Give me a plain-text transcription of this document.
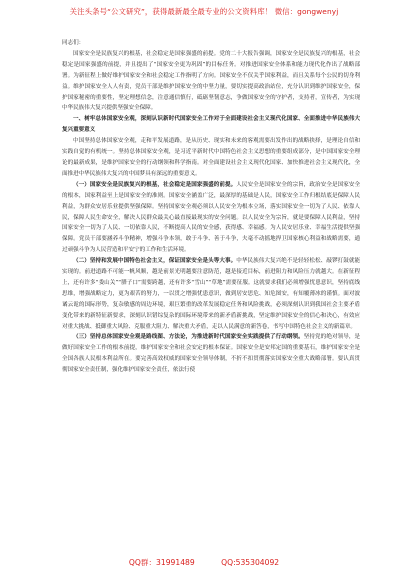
关注头条号“公文研究”，获得最新最全最专业的公文资料库！ 微信：gongwenyj

同志们：

国家安全是民族复兴的根基，社会稳定是国家强盛的前提。党的二十大报告强调，国家安全是民族复兴的根基，社会稳定是国家强盛的前提，并且提出了“国家安全更为巩固”的目标任务。对推进国家安全体系和能力现代化作出了战略部署。为新征程上做好维护国家安全和社会稳定工作指明了方向。国家安全不仅关乎国家利益，而且关系每个公民的切身利益。维护国家安全人人有责，党员干部是维护国家安全的中坚力量，要切实提高政治站位，充分认识到维护国家安全，保护国家秘密的重要性，坚定理想信念，注意通信慎行，砥砺坚韧意志，争做国家安全的守护者，支持者，宣传者，为实现中华民族伟大复兴提供坚强安全保障。

一、树牢总体国家安全观，深刻认识新时代国家安全工作对于全面建设社会主义现代化国家、全面推进中华民族伟大复兴重要意义

中国坚持总体国家安全观，走和平发展道路，是从历史、现实和未来的客观需要出发作出的战略抉择，是理论自信和实践自觉的有机统一。坚持总体国家安全观，是习近平新时代中国特色社会主义思想的重要组成部分，是中国国家安全理论的最新成果，是维护国家安全的行动纲领和科学指南。对全面建设社会主义现代化国家、加快推进社会主义现代化，全面推进中华民族伟大复兴的中国梦具有深远的重要意义。

（一）国家安全是民族复兴的根基，社会稳定是国家强盛的前提。人民安全是国家安全的宗旨，政治安全是国家安全的根本，国家利益至上是国家安全的准则。国家安全涵盖广泛，最深厚的基础是人民，国家安全工作归根结底是保障人民利益，为群众安居乐业提供坚强保障。坚持国家安全观必须以人民安全为根本立场，落实国家安全一切为了人民、依靠人民，保障人民生命安全，解决人民群众最关心最直接最现实的安全问题。以人民安全为宗旨，就是要保障人民利益，坚持国家安全一切为了人民、一切依靠人民，不断提高人民的安全感，获得感、幸福感。为人民安居乐业、幸福生活提供坚强保障。党员干部要涵养斗争精神，增强斗争本领，敢于斗争、善于斗争，夫毫不动摇地捍卫国家核心利益和战略需要，通过顽强斗争为人民营造和平安宁的工作和生活环境。

（二）坚持和发展中国特色社会主义，保证国家安全是头等大事。中华民族伟大复兴绝不是轻轻松松、敲锣打鼓就能实现的。前进道路不可能一帆风顺，越是前景光明越要注意防范，越是接近目标，前进阻力和风险压力就越大。在新征程上，还有许多“娄山关”“腊子口”需要跨越，还有许多“雪山”“草地”需要征服。这就要求我们必须增强忧患意识，坚持底线思维，增强战略定力，更为艰苦的努力，一以贯之增强忧患意识，做到居安思危、知危图安，有知覆薄冰的谨慎。面对波谲云诡的国际形势，复杂敏感的周边环境，艰巨繁重的改革发展稳定任务和风险挑战，必须深刻认识到我国社会主要矛盾变化带来的新特征新要求，深刻认识错综复杂的国际环境带来的新矛盾新挑战，坚定维护国家安全的信心和决心，有效应对重大挑战、抵御重大风险、克服重大阻力、解决重大矛盾，走以人民满意的新答卷，书写中国特色社会主义的新篇章。

（三）坚持总体国家安全观是路线图、方法论，为推进新时代国家安全实践提供了行动纲领。坚持党的绝对领导，是做好国家安全工作的根本前提，维护国家安全和社会安定的根本保证。国家安全是安邦定国的重要基石，维护国家安全是全国各族人民根本利益所在。要完善高效权威的国家安全领导体制，不折不扣贯彻落实国家安全重大战略部署。要认真贯彻国家安全责任制，强化维护国家安全责任，依法行使

QQ群：31991489	QQ:535304092
